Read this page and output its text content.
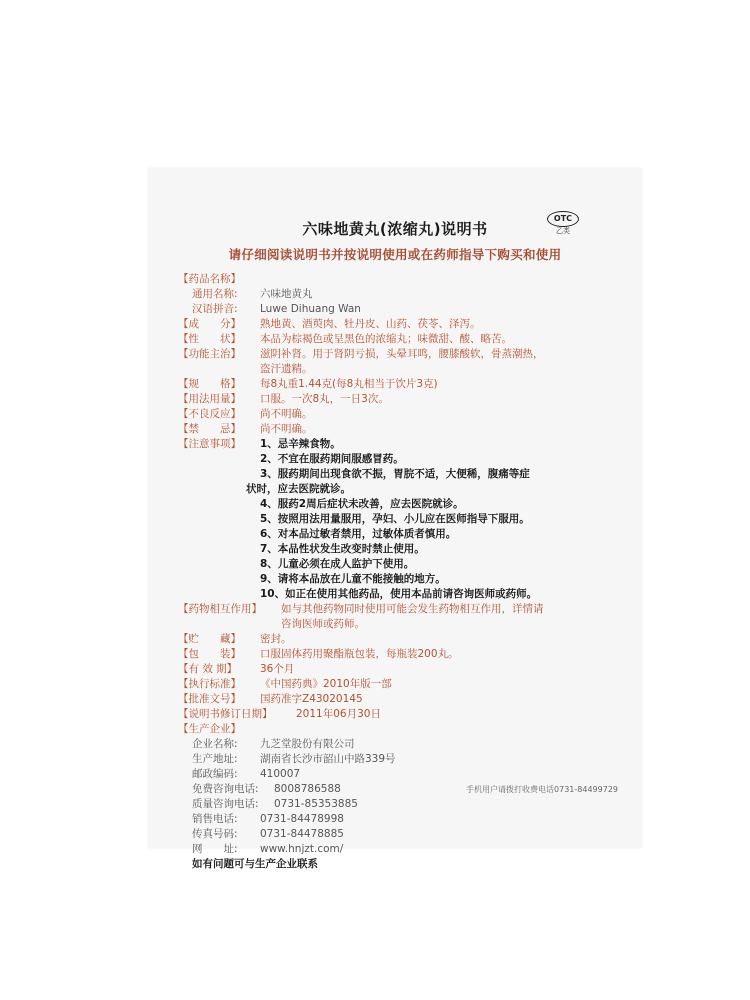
六味地黄丸(浓缩丸)说明书
OTC
乙类
请仔细阅读说明书并按说明使用或在药师指导下购买和使用
【药品名称】
通用名称:	六味地黄丸
汉语拼音:	Luwe Dihuang Wan
【成　　分】	熟地黄、酒萸肉、牡丹皮、山药、茯苓、泽泻。
【性　　状】	本品为棕褐色或呈黑色的浓缩丸；味微甜、酸、略苦。
【功能主治】	滋阴补肾。用于肾阴亏损，头晕耳鸣，腰膝酸软，骨蒸潮热，
盗汗遗精。
【规　　格】	每8丸重1.44克(每8丸相当于饮片3克)
【用法用量】	口服。一次8丸，一日3次。
【不良反应】	尚不明确。
【禁　　忌】	尚不明确。
【注意事项】	1、忌辛辣食物。
2、不宜在服药期间服感冒药。
3、服药期间出现食欲不振，胃脘不适，大便稀，腹痛等症
状时，应去医院就诊。
4、服药2周后症状未改善，应去医院就诊。
5、按照用法用量服用，孕妇、小儿应在医师指导下服用。
6、对本品过敏者禁用，过敏体质者慎用。
7、本品性状发生改变时禁止使用。
8、儿童必须在成人监护下使用。
9、请将本品放在儿童不能接触的地方。
10、如正在使用其他药品，使用本品前请咨询医师或药师。
【药物相互作用】	如与其他药物同时使用可能会发生药物相互作用，详情请
咨询医师或药师。
【贮　　藏】	密封。
【包　　装】	口服固体药用聚酯瓶包装，每瓶装200丸。
【有 效 期】	36个月
【执行标准】	《中国药典》2010年版一部
【批准文号】	国药准字Z43020145
【说明书修订日期】	2011年06月30日
【生产企业】
企业名称:	九芝堂股份有限公司
生产地址:	湖南省长沙市韶山中路339号
邮政编码:	410007
免费咨询电话:	8008786588	手机用户请拨打收费电话0731-84499729
质量咨询电话:	0731-85353885
销售电话:	0731-84478998
传真号码:	0731-84478885
网　　址:	www.hnjzt.com/
如有问题可与生产企业联系
